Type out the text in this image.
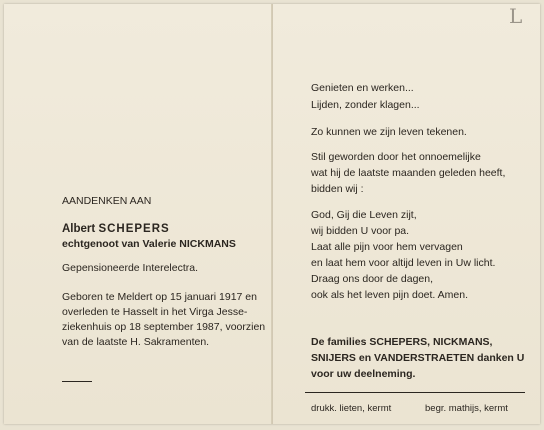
L
AANDENKEN AAN
Albert SCHEPERS
echtgenoot van Valerie NICKMANS
Gepensioneerde Interelectra.
Geboren te Meldert op 15 januari 1917 en
overleden te Hasselt in het Virga Jesse-
ziekenhuis op 18 september 1987, voorzien
van de laatste H. Sakramenten.
Genieten en werken...
Lijden, zonder klagen...
Zo kunnen we zijn leven tekenen.
Stil geworden door het onnoemelijke
wat hij de laatste maanden geleden heeft,
bidden wij :
God, Gij die Leven zijt,
wij bidden U voor pa.
Laat alle pijn voor hem vervagen
en laat hem voor altijd leven in Uw licht.
Draag ons door de dagen,
ook als het leven pijn doet. Amen.
De families SCHEPERS, NICKMANS,
SNIJERS en VANDERSTRAETEN danken U
voor uw deelneming.
drukk. lieten, kermt	begr. mathijs, kermt
